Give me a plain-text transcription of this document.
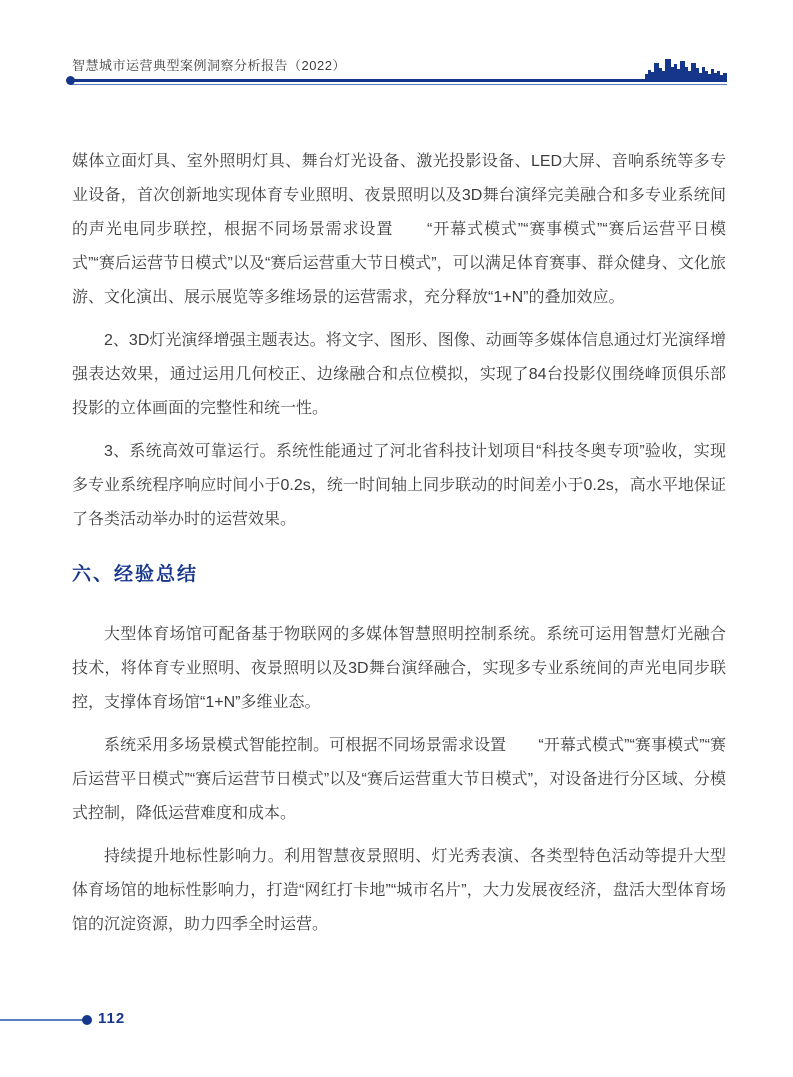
智慧城市运营典型案例洞察分析报告（2022）

媒体立面灯具、室外照明灯具、舞台灯光设备、激光投影设备、LED大屏、音响系统等多专业设备，首次创新地实现体育专业照明、夜景照明以及3D舞台演绎完美融合和多专业系统间的声光电同步联控，根据不同场景需求设置　　“开幕式模式”“赛事模式”“赛后运营平日模式”“赛后运营节日模式”以及“赛后运营重大节日模式”，可以满足体育赛事、群众健身、文化旅游、文化演出、展示展览等多维场景的运营需求，充分释放“1+N”的叠加效应。

2、3D灯光演绎增强主题表达。将文字、图形、图像、动画等多媒体信息通过灯光演绎增强表达效果，通过运用几何校正、边缘融合和点位模拟，实现了84台投影仪围绕峰顶俱乐部投影的立体画面的完整性和统一性。

3、系统高效可靠运行。系统性能通过了河北省科技计划项目“科技冬奥专项”验收，实现多专业系统程序响应时间小于0.2s，统一时间轴上同步联动的时间差小于0.2s，高水平地保证了各类活动举办时的运营效果。

六、经验总结

大型体育场馆可配备基于物联网的多媒体智慧照明控制系统。系统可运用智慧灯光融合技术，将体育专业照明、夜景照明以及3D舞台演绎融合，实现多专业系统间的声光电同步联控，支撑体育场馆“1+N”多维业态。

系统采用多场景模式智能控制。可根据不同场景需求设置　　“开幕式模式”“赛事模式”“赛后运营平日模式”“赛后运营节日模式”以及“赛后运营重大节日模式”，对设备进行分区域、分模式控制，降低运营难度和成本。

持续提升地标性影响力。利用智慧夜景照明、灯光秀表演、各类型特色活动等提升大型体育场馆的地标性影响力，打造“网红打卡地”“城市名片”，大力发展夜经济，盘活大型体育场馆的沉淀资源，助力四季全时运营。

112
